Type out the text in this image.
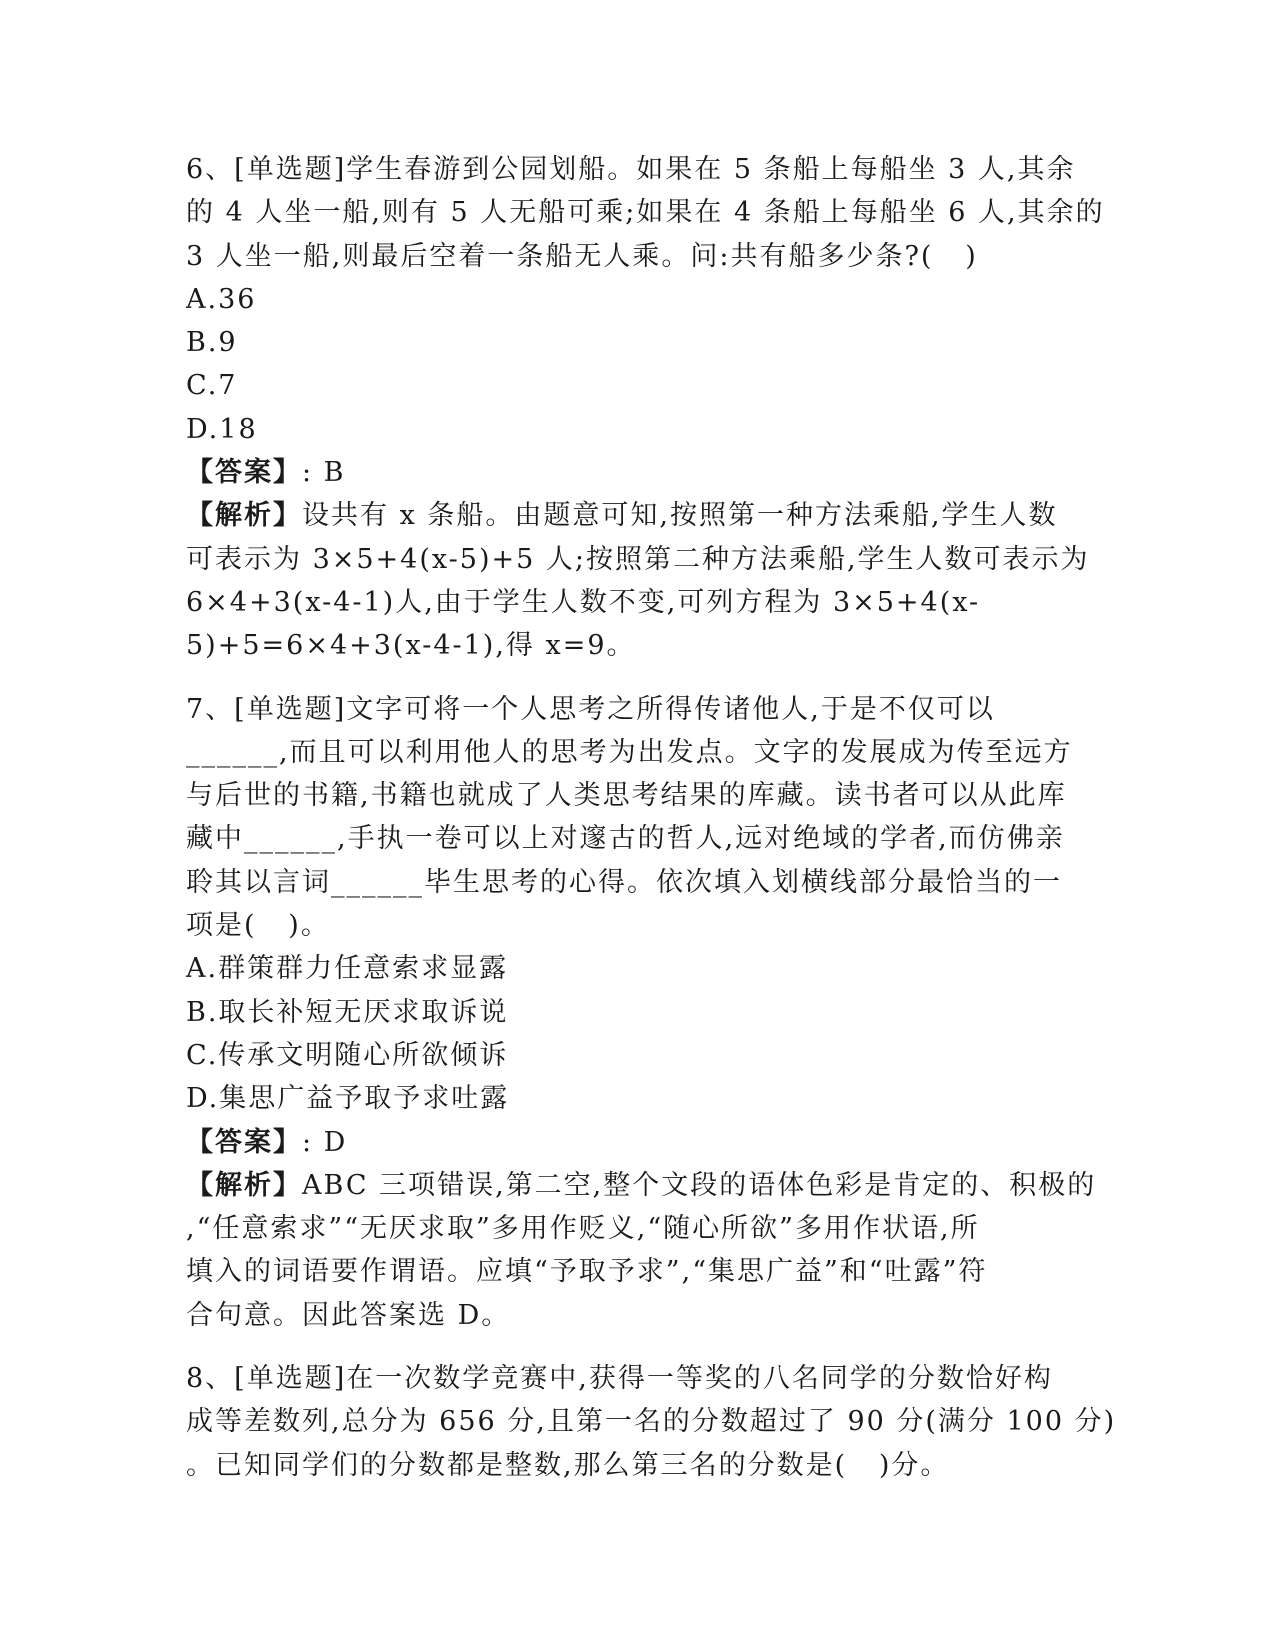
6、[单选题]学生春游到公园划船。如果在 5 条船上每船坐 3 人,其余
的 4 人坐一船,则有 5 人无船可乘;如果在 4 条船上每船坐 6 人,其余的
3 人坐一船,则最后空着一条船无人乘。问:共有船多少条?(   )
A.36
B.9
C.7
D.18
【答案】: B
【解析】设共有 x 条船。由题意可知,按照第一种方法乘船,学生人数
可表示为 3×5+4(x-5)+5 人;按照第二种方法乘船,学生人数可表示为
6×4+3(x-4-1)人,由于学生人数不变,可列方程为 3×5+4(x-
5)+5=6×4+3(x-4-1),得 x=9。
7、[单选题]文字可将一个人思考之所得传诸他人,于是不仅可以
______,而且可以利用他人的思考为出发点。文字的发展成为传至远方
与后世的书籍,书籍也就成了人类思考结果的库藏。读书者可以从此库
藏中______,手执一卷可以上对邃古的哲人,远对绝域的学者,而仿佛亲
聆其以言词______毕生思考的心得。依次填入划横线部分最恰当的一
项是(   )。
A.群策群力任意索求显露
B.取长补短无厌求取诉说
C.传承文明随心所欲倾诉
D.集思广益予取予求吐露
【答案】: D
【解析】ABC 三项错误,第二空,整个文段的语体色彩是肯定的、积极的
,“任意索求”“无厌求取”多用作贬义,“随心所欲”多用作状语,所
填入的词语要作谓语。应填“予取予求”,“集思广益”和“吐露”符
合句意。因此答案选 D。
8、[单选题]在一次数学竞赛中,获得一等奖的八名同学的分数恰好构
成等差数列,总分为 656 分,且第一名的分数超过了 90 分(满分 100 分)
。已知同学们的分数都是整数,那么第三名的分数是(   )分。
